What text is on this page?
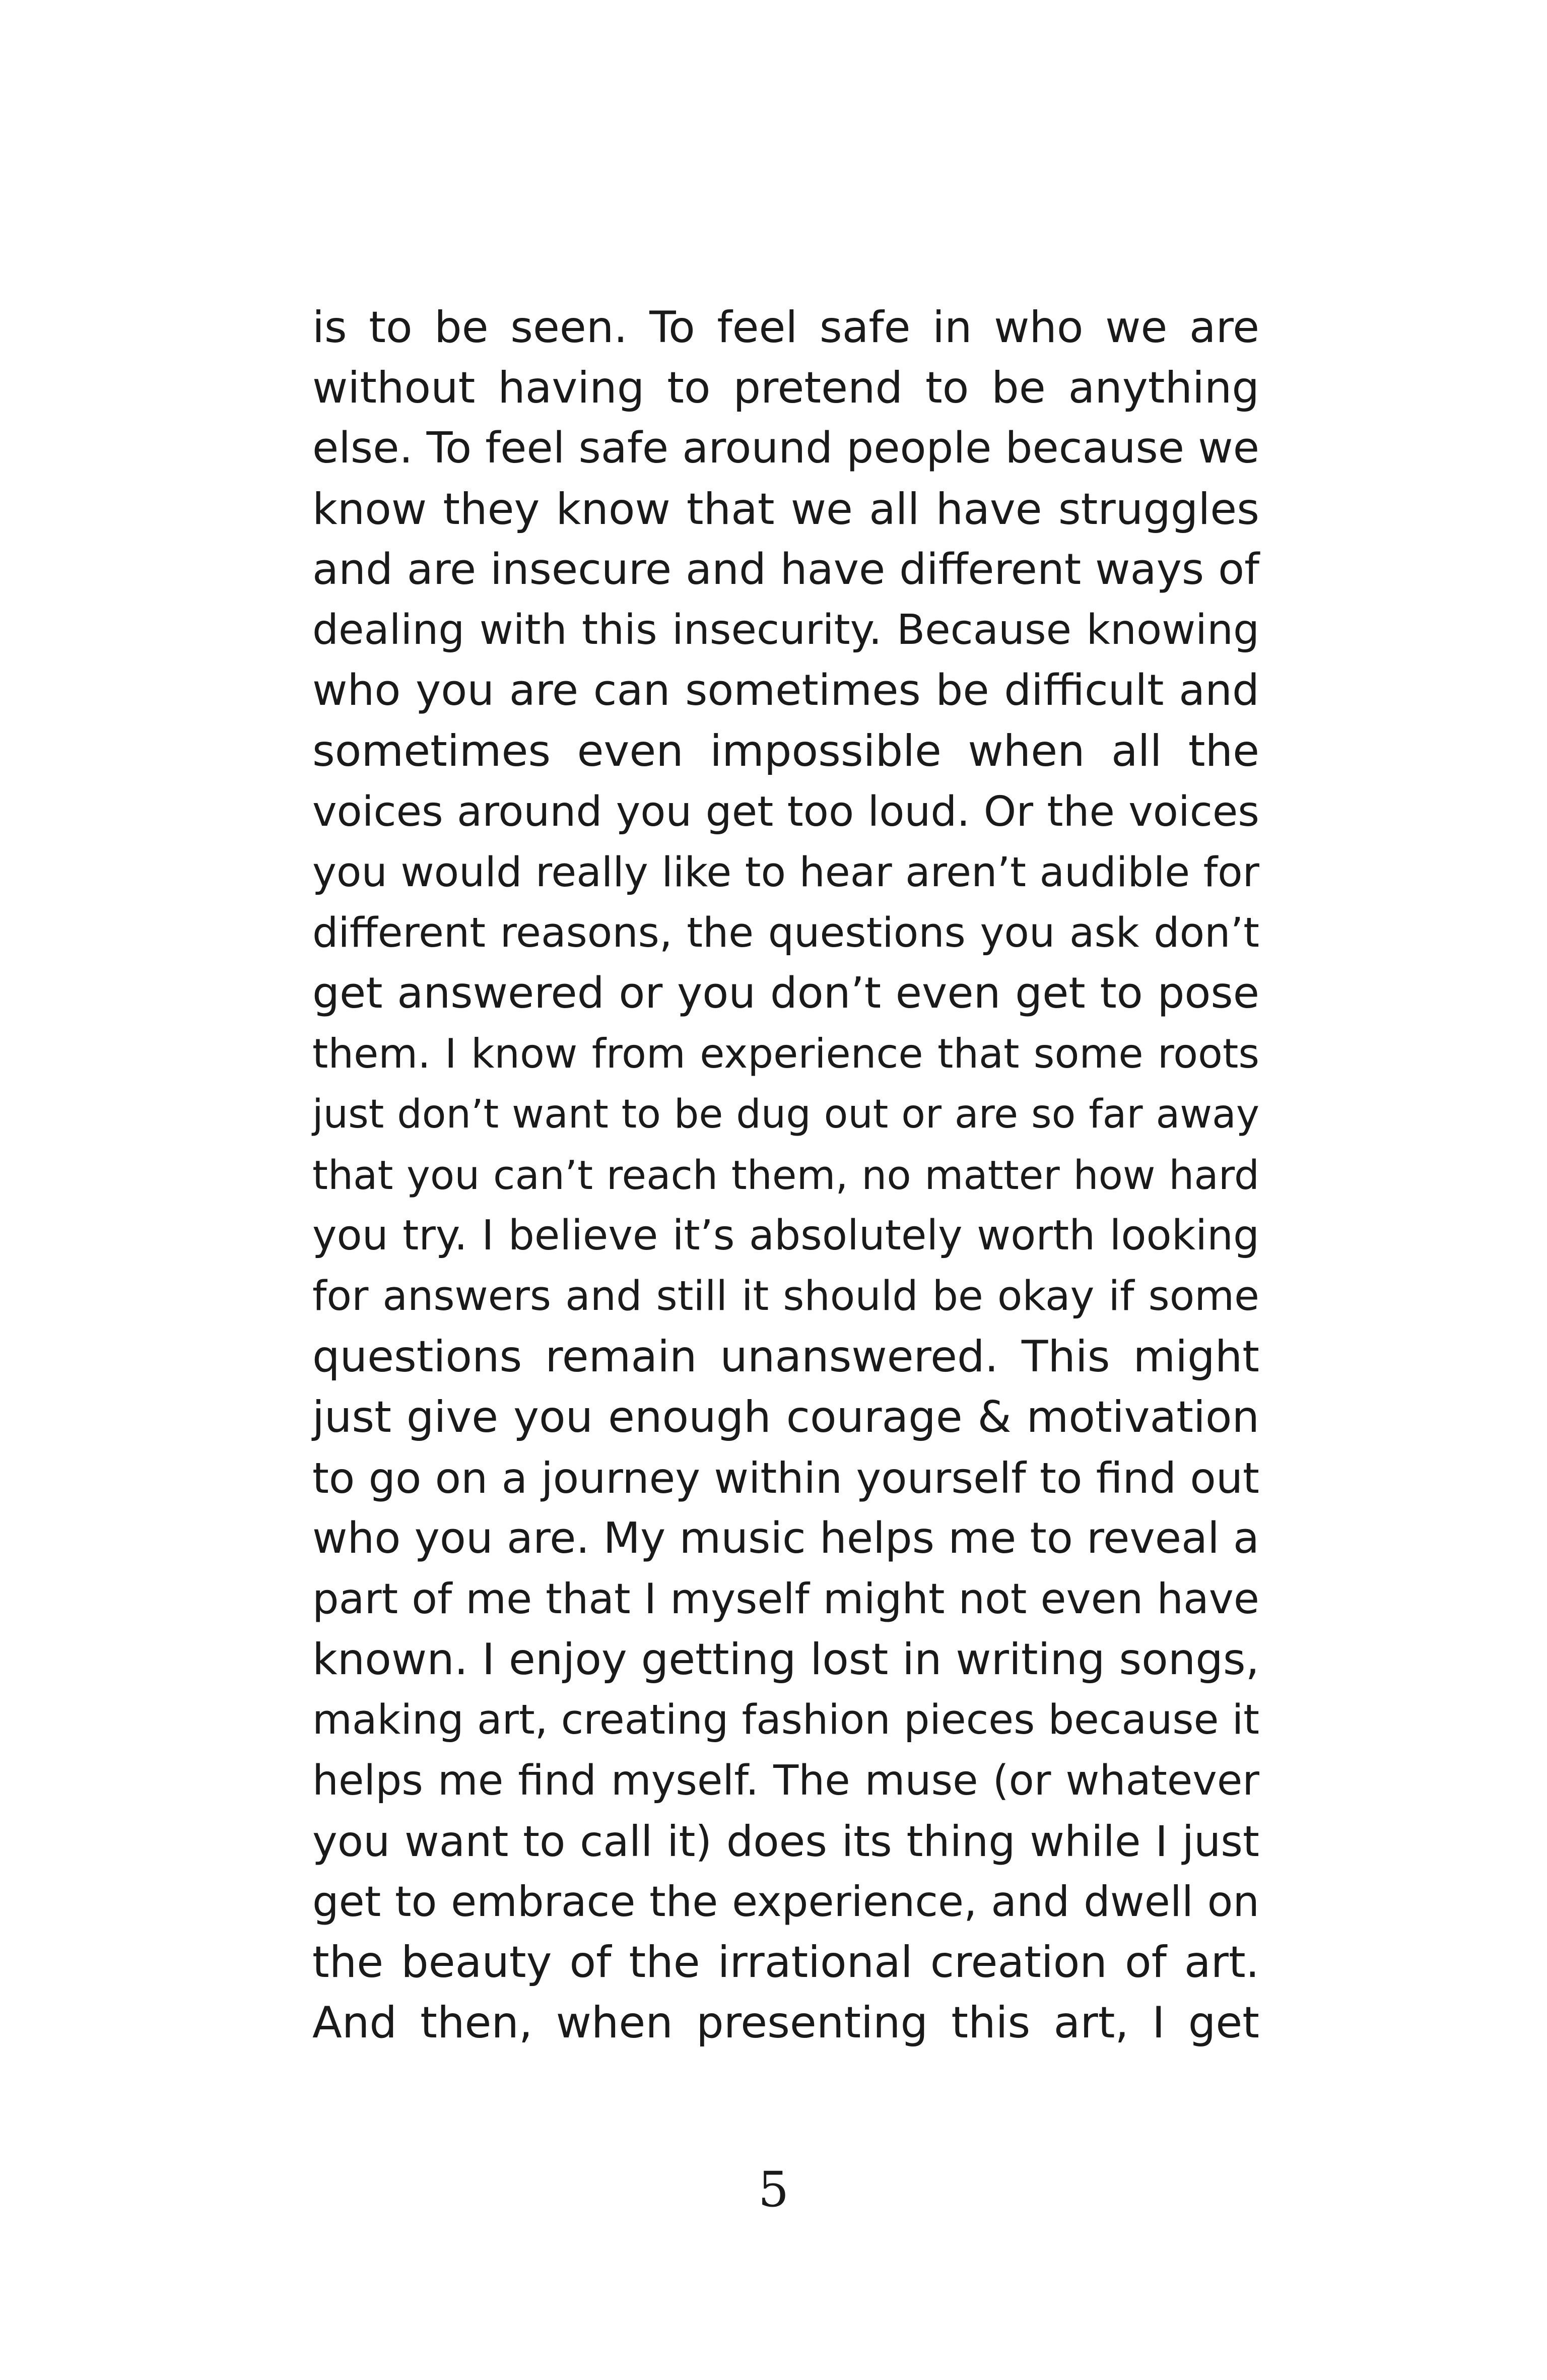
is to be seen. To feel safe in who we are
without having to pretend to be anything
else. To feel safe around people because we
know they know that we all have struggles
and are insecure and have different ways of
dealing with this insecurity. Because knowing
who you are can sometimes be difficult and
sometimes even impossible when all the
voices around you get too loud. Or the voices
you would really like to hear aren’t audible for
different reasons, the questions you ask don’t
get answered or you don’t even get to pose
them. I know from experience that some roots
just don’t want to be dug out or are so far away
that you can’t reach them, no matter how hard
you try. I believe it’s absolutely worth looking
for answers and still it should be okay if some
questions remain unanswered. This might
just give you enough courage & motivation
to go on a journey within yourself to find out
who you are. My music helps me to reveal a
part of me that I myself might not even have
known. I enjoy getting lost in writing songs,
making art, creating fashion pieces because it
helps me find myself. The muse (or whatever
you want to call it) does its thing while I just
get to embrace the experience, and dwell on
the beauty of the irrational creation of art.
And then, when presenting this art, I get
5
